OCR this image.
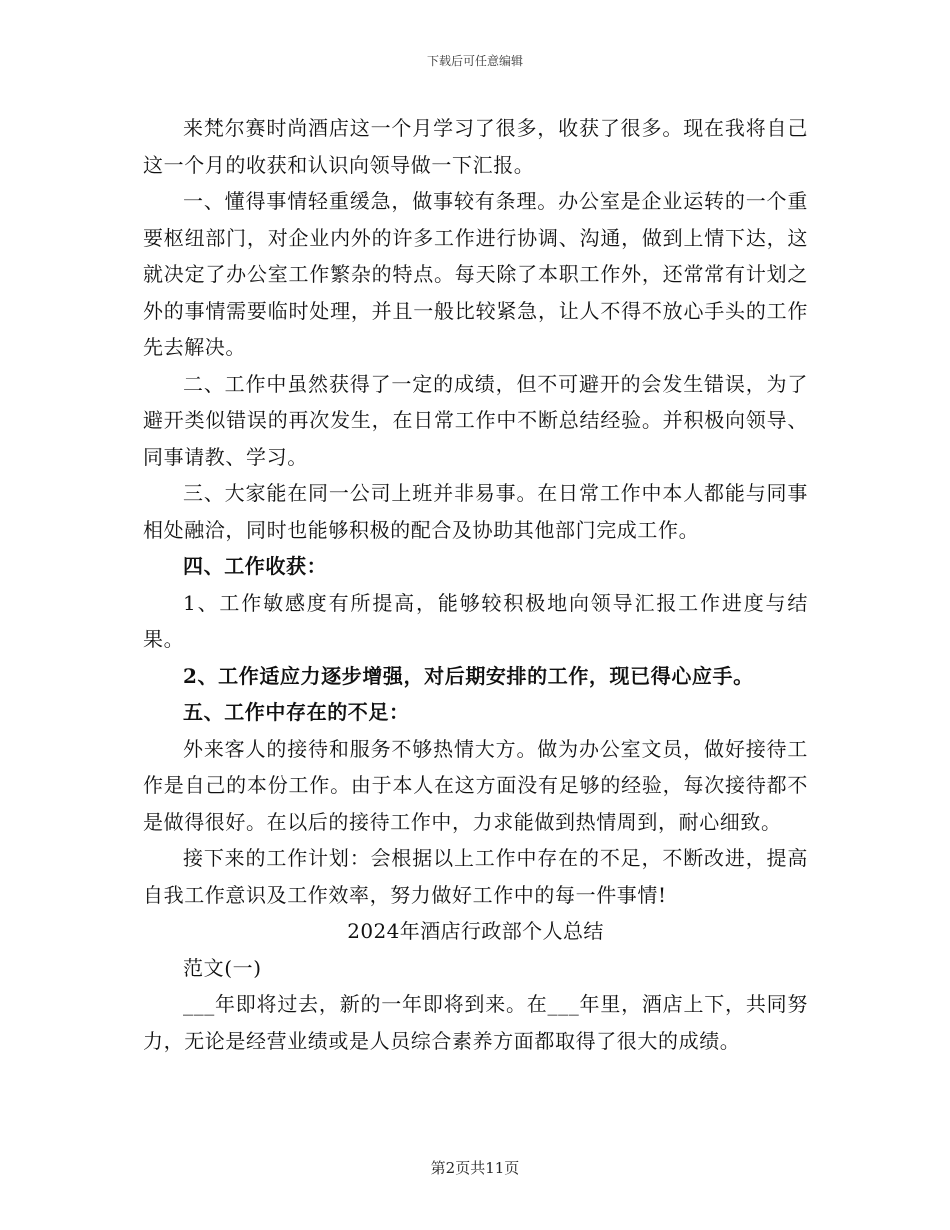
下载后可任意编辑

来梵尔赛时尚酒店这一个月学习了很多，收获了很多。现在我将自己这一个月的收获和认识向领导做一下汇报。

一、懂得事情轻重缓急，做事较有条理。办公室是企业运转的一个重要枢纽部门，对企业内外的许多工作进行协调、沟通，做到上情下达，这就决定了办公室工作繁杂的特点。每天除了本职工作外，还常常有计划之外的事情需要临时处理，并且一般比较紧急，让人不得不放心手头的工作先去解决。

二、工作中虽然获得了一定的成绩，但不可避开的会发生错误，为了避开类似错误的再次发生，在日常工作中不断总结经验。并积极向领导、同事请教、学习。

三、大家能在同一公司上班并非易事。在日常工作中本人都能与同事相处融洽，同时也能够积极的配合及协助其他部门完成工作。

四、工作收获：

1、工作敏感度有所提高，能够较积极地向领导汇报工作进度与结果。

2、工作适应力逐步增强，对后期安排的工作，现已得心应手。

五、工作中存在的不足：

外来客人的接待和服务不够热情大方。做为办公室文员，做好接待工作是自己的本份工作。由于本人在这方面没有足够的经验，每次接待都不是做得很好。在以后的接待工作中，力求能做到热情周到，耐心细致。

接下来的工作计划：会根据以上工作中存在的不足，不断改进，提高自我工作意识及工作效率，努力做好工作中的每一件事情!

2024年酒店行政部个人总结

范文(一)

___年即将过去，新的一年即将到来。在___年里，酒店上下，共同努力，无论是经营业绩或是人员综合素养方面都取得了很大的成绩。

第2页共11页
